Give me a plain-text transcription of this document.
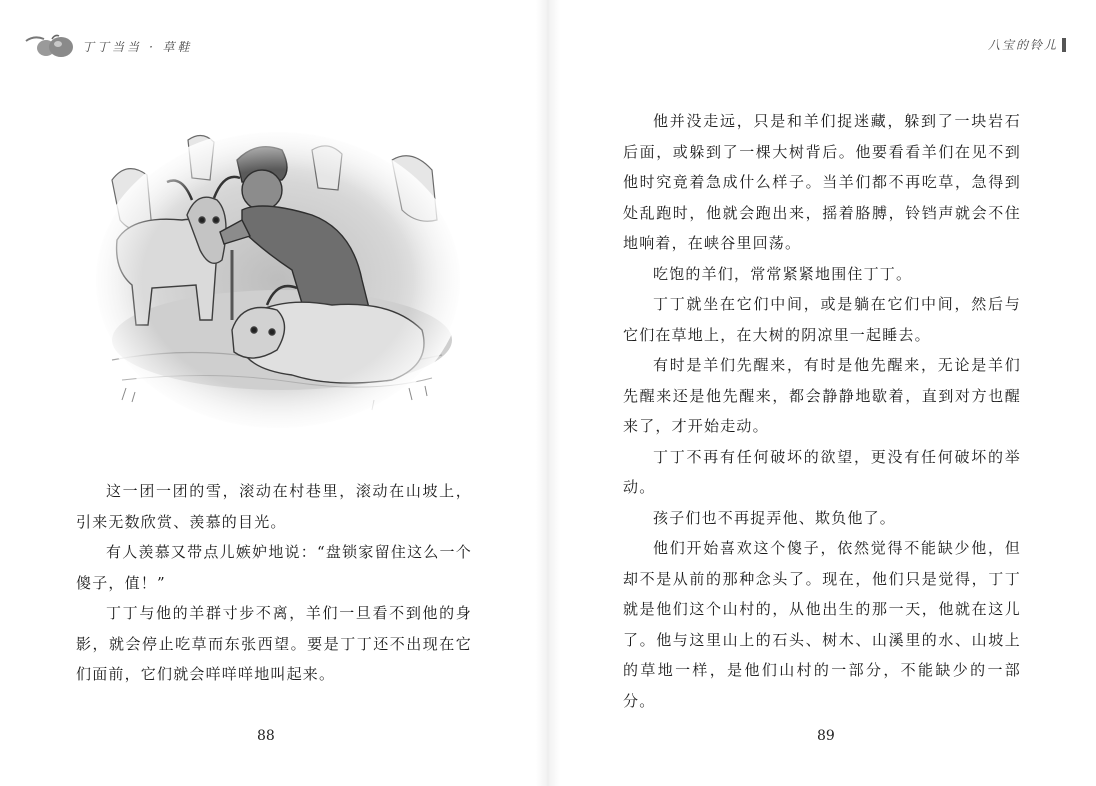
丁丁当当 · 草鞋	八宝的铃儿

这一团一团的雪，滚动在村巷里，滚动在山坡上，引来无数欣赏、羡慕的目光。

有人羡慕又带点儿嫉妒地说：“盘锁家留住这么一个傻子，值！”

丁丁与他的羊群寸步不离，羊们一旦看不到他的身影，就会停止吃草而东张西望。要是丁丁还不出现在它们面前，它们就会咩咩咩地叫起来。

他并没走远，只是和羊们捉迷藏，躲到了一块岩石后面，或躲到了一棵大树背后。他要看看羊们在见不到他时究竟着急成什么样子。当羊们都不再吃草，急得到处乱跑时，他就会跑出来，摇着胳膊，铃铛声就会不住地响着，在峡谷里回荡。

吃饱的羊们，常常紧紧地围住丁丁。

丁丁就坐在它们中间，或是躺在它们中间，然后与它们在草地上，在大树的阴凉里一起睡去。

有时是羊们先醒来，有时是他先醒来，无论是羊们先醒来还是他先醒来，都会静静地歇着，直到对方也醒来了，才开始走动。

丁丁不再有任何破坏的欲望，更没有任何破坏的举动。

孩子们也不再捉弄他、欺负他了。

他们开始喜欢这个傻子，依然觉得不能缺少他，但却不是从前的那种念头了。现在，他们只是觉得，丁丁就是他们这个山村的，从他出生的那一天，他就在这儿了。他与这里山上的石头、树木、山溪里的水、山坡上的草地一样，是他们山村的一部分，不能缺少的一部分。

88	89
